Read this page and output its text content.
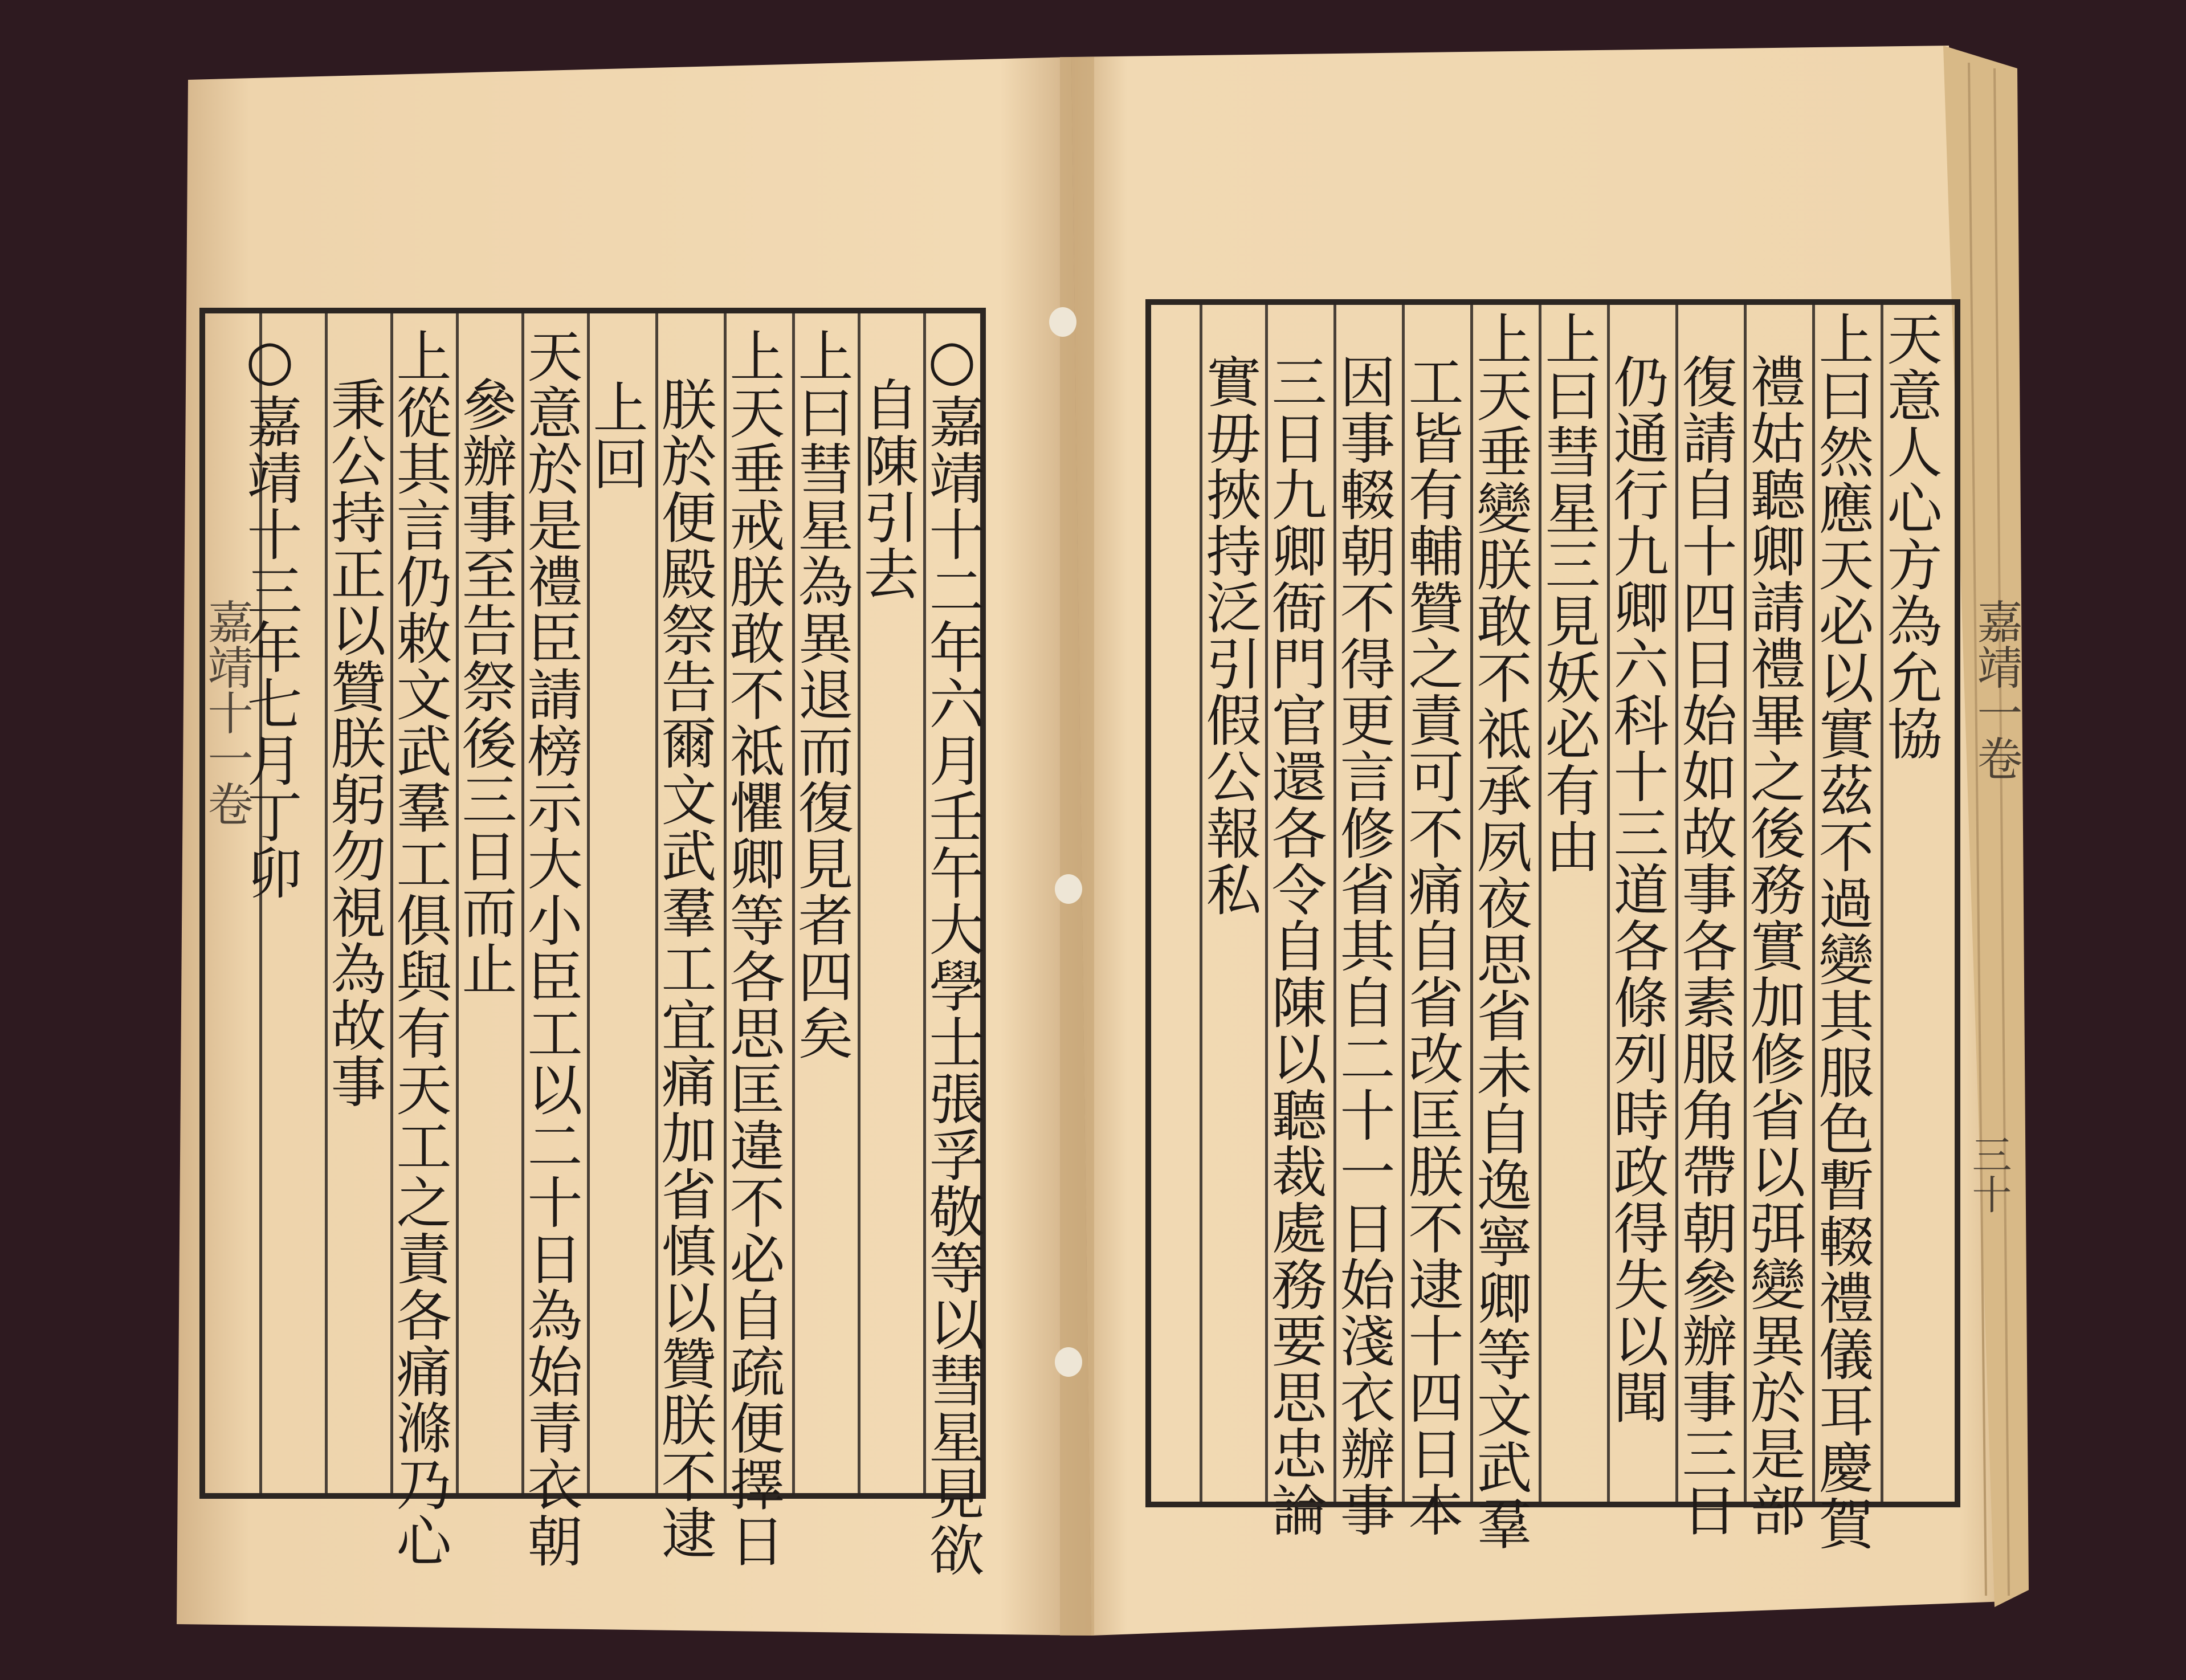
○嘉靖十二年六月壬午大學士張孚敬等以彗星見欲
自陳引去
上曰彗星為異退而復見者四矣
上天垂戒朕敢不祗懼卿等各思匡違不必自疏便擇日
朕於便殿祭告爾文武羣工宜痛加省慎以贊朕不逮
上回
天意於是禮臣請榜示大小臣工以二十日為始青衣朝
參辦事至告祭後三日而止
上從其言仍敕文武羣工俱與有天工之責各痛滌乃心
秉公持正以贊朕躬勿視為故事
○嘉靖十三年七月丁卯	天意人心方為允協
上曰然應天必以實茲不過變其服色暫輟禮儀耳慶賀
禮姑聽卿請禮畢之後務實加修省以弭變異於是部
復請自十四日始如故事各素服角帶朝參辦事三日
仍通行九卿六科十三道各條列時政得失以聞
上曰彗星三見妖必有由
上天垂變朕敢不祗承夙夜思省未自逸寧卿等文武羣
工皆有輔贊之責可不痛自省改匡朕不逮十四日本
因事輟朝不得更言修省其自二十一日始淺衣辦事
三日九卿衙門官還各令自陳以聽裁處務要思忠論
實毋挾持泛引假公報私
嘉靖十一卷	嘉靖一卷
三十
